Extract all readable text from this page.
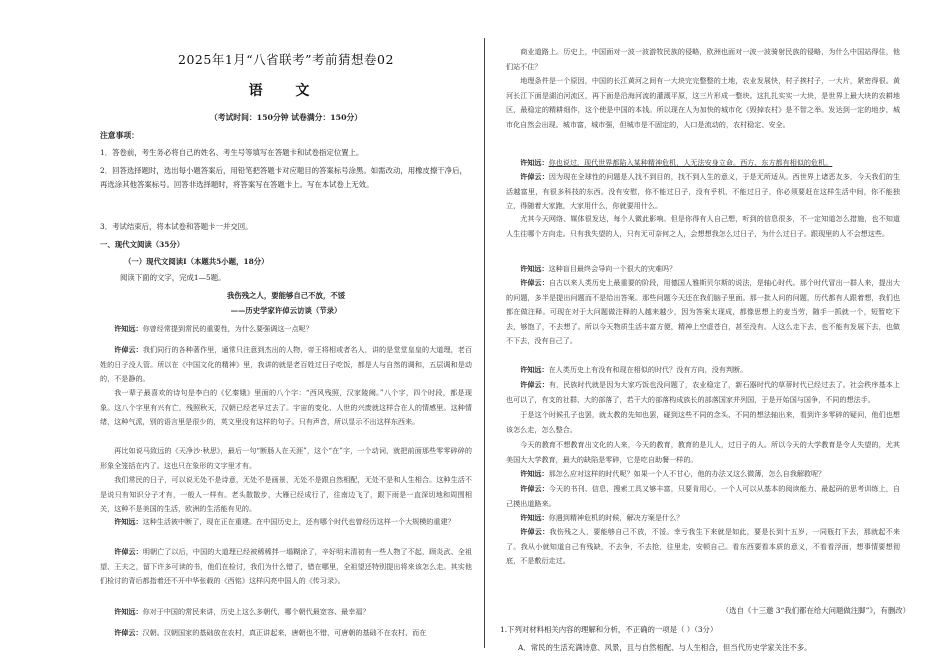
2025年1月“八省联考”考前猜想卷02
语 文
（考试时间：150分钟 试卷满分：150分）
注意事项：
1．答卷前，考生务必将自己的姓名、考生号等填写在答题卡和试卷指定位置上。
2．回答选择题时，选出每小题答案后，用铅笔把答题卡对应题目的答案标号涂黑。如需改动，用橡皮擦干净后，再选涂其他答案标号。回答非选择题时，将答案写在答题卡上。写在本试卷上无效。
3．考试结束后，将本试卷和答题卡一并交回。
一、现代文阅读（35分）
（一）现代文阅读Ⅰ（本题共5小题，18分）
阅读下面的文字，完成1—5题。
我伤残之人，要能够自己不放，不馁
——历史学家许倬云访谈（节录）
许知远：你曾经常提到常民的重要性，为什么要强调这一点呢？
许倬云：我们同行的各种著作里，通常只注意到杰出的人物，帝王将相或者名人，讲的是堂堂皇皇的大道理，老百姓的日子没人管。所以在《中国文化的精神》里，我讲的就是老百姓过日子吃饭，都是人与自然的调和，五层调和是动的，不是静的。
我一辈子最喜欢的诗句是李白的《忆秦娥》里面的八个字：“西风残照，汉家陵阙。”八个字，四个时段，都是现象。这八个字里有兴有亡，残照秋天，汉朝已经老早过去了。宇宙的变化、人世的兴废就这样合在人的情感里。这种情绪，这种气派，别的语言里是很少的，英文里没有这样的句子。只有声音，所以显示不出这样东西来。
再比如说马致远的《天净沙·秋思》，最后一句“断肠人在天涯”，这个“在”字，一个动词，就把前面那些零零碎碎的形象全笼括在内了。这也只在象形的文字里才有。
我们常民的日子，可以说无处不是诗意，无处不是画景，无处不是跟自然相配，无处不是和人生相合。这种生活不是说只有知识分子才有，一般人一样有。老头散散步，大雁已经成行了，往南边飞了，跟下雨是一直深切地和周围相关，这种不是美国的生活，欧洲的生活能有见的。
许知远：这种生活被中断了，现在正在重建。在中国历史上，还有哪个时代也曾经历这样一个大规模的重建？
许倬云：明朝亡了以后，中国的大道理已经被稀稀拌一塌糊涂了，辛好明末清初有一些人物了不起，顾炎武、全祖望、王夫之，留下许多可读的书，他们在检讨，我们为什么错了，错在哪里，全祖望还特别提出将来该怎么走。其实他们检讨的背后都指着还不开中华张载的《西铭》这样闪亮中国人的《传习录》。
许知远：你对于中国的常民来讲，历史上这么多朝代，哪个朝代最宽容、最幸福？
许倬云：汉朝。汉朝国家的基础放在农村，真正讲起来，唐朝也不错，可唐朝的基础不在农村，而在
商业道路上。历史上，中国面对一波一波游牧民族的侵略，欧洲也面对一波一波骑射民族的侵略，为什么中国站得住，他们站不住？
地理条件是一个原因，中国的长江黄河之间有一大块完完整整的土地，农业发展快，村子挨村子，一大片，紧密得很。黄河长江下面是湖泊河流区，再下面是沿海河流的灌溉平原，这三片形成一整块。这扎扎实实一大块，是世界上最大块的农耕地区，最稳定的精耕细作，这个使是中国的本钱。所以现在人为加快的城市化《毁掉农村》是不智之举。发达到一定的地步，城市化自然会出现。城市富，城市强，但城市是不固定的，人口是流动的，农村稳定、安全。
许知远：你也说过，现代世界都陷入某种精神危机，人无法安身立命。西方、东方都有相似的危机。
许倬云：因为现在全球性的问题是人找不到目的，找不到人生的意义，于是无所适从。西世界上诸恶友多，今天我们的生活越富里，有很多科技的东西。没有安慰，你不能过日子，没有乎机，不能过日子，你必须要赶在这样生活中间，你不能独立，得随着大家跑，大家用什么，你就要用什么。
尤其今天网络、媒体很发达，每个人微此影响。但是你得有人自己想，听到的信息很多，不一定知道怎么措施，也不知道人生往哪个方向走。只有我失望的人，只有无可奈何之人，会想想我怎么过日子，为什么过日子。跟现里的人不会想这些。
许知远：这种盲目最终会导向一个很大的灾难吗？
许倬云：自古以来人类历史上最重要的阶段，用德国人雅斯贝尔斯的说法，是轴心时代。那个时代冒出一群人来，提出大的问题，多半是提出问题而不是给出答案。那些问题今天还在我们脑子里面。那一批人问的问题，历代都有人跟着想，我们也都在做注释。可现在对于大问题做注释的人越来越少，因为答案太现成，都像思想上的麦当劳，随手一抓就一个，短暂吃下去，够饱了，不去想了。所以今天物质生活丰富方便，精神上空虚苍白，甚至没有。人这么走下去，也不能有发展下去，也做不下去，没有自己了。
许知远：在人类历史上有没有和现在相似的时代？没有方向，没有判断。
许倬云：有，民族时代就是因为大家巧饭也没问题了，农业稳定了，新石器时代的草蒂时代已经过去了。社会秩序基本上也可以了，有支的社群、大的部落了，若干大的部落构成族长的部落国家并列国，于是开始国与国争，不同的想法手。
于是这个时候孔子也罢，就太教的先知也罢，碰到这些不同的念头、不同的想法轴出来，看到许多零碎的疑问，他们也想该怎么走，怎么整合。
今天的教育不想教育出文化的人来，今天的教育，教育的是儿人，过日子的人。所以今天的大学教育是令人失望的，尤其美国大大学教育，最大的缺陷是零碎，它是吃自助餐一样的。
许知远：那怎么应对这样的时代呢？如果一个人不甘心，他的办法又这么微薄，怎么自我解救呢？
许倬云：今天的书刊、信息，搜索工具又够丰富，只要肯用心，一个人可以从基本的阅读能力、最起码的思考训练上，自己摸出道路来。
许知远：你遇到精神危机的时候，解决方案是什么？
许倬云：我伤残之人，要能够自己不放，不馁。幸亏我生下来就是如此，要是长到十五岁，一同瓶打下去，那就起不来了。我从小就知道自己有残缺，不去争，不去抢，往里走，安顿自己。看东西要看本质的意义，不看看浮面，想事情要想彻底，不是敷衍走过。
（选自《十三邀 3“我们都在给大问题做注脚”》，有删改）
1.下列对材料相关内容的理解和分析，不正确的一项是（ ）（3分）
A．常民的生活充满诗意、风景，且与自然相配、与人生相合，但当代历史学家关注不多。
